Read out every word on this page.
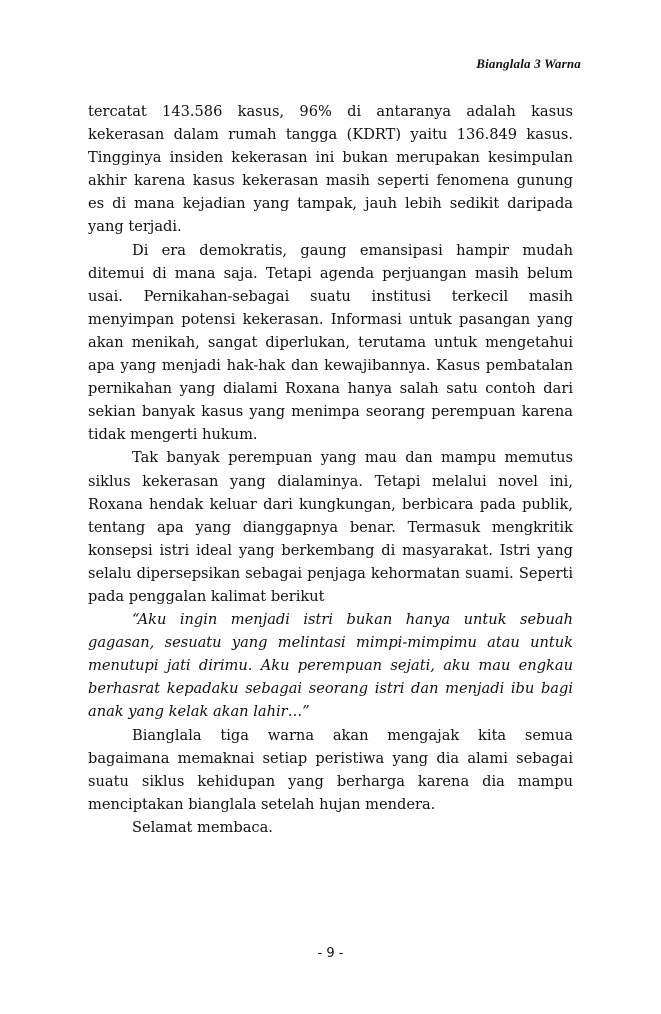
Bianglala 3 Warna

tercatat 143.586 kasus, 96% di antaranya adalah kasus kekerasan dalam rumah tangga (KDRT) yaitu 136.849 kasus. Tingginya insiden kekerasan ini bukan merupakan kesimpulan akhir karena kasus kekerasan masih seperti fenomena gunung es di mana kejadian yang tampak, jauh lebih sedikit daripada yang terjadi.

Di era demokratis, gaung emansipasi hampir mudah ditemui di mana saja. Tetapi agenda perjuangan masih belum usai. Pernikahan-sebagai suatu institusi terkecil masih menyimpan potensi kekerasan. Informasi untuk pasangan yang akan menikah, sangat diperlukan, terutama untuk mengetahui apa yang menjadi hak-hak dan kewajibannya. Kasus pembatalan pernikahan yang dialami Roxana hanya salah satu contoh dari sekian banyak kasus yang menimpa seorang perempuan karena tidak mengerti hukum.

Tak banyak perempuan yang mau dan mampu memutus siklus kekerasan yang dialaminya. Tetapi melalui novel ini, Roxana hendak keluar dari kungkungan, berbicara pada publik, tentang apa yang dianggapnya benar. Termasuk mengkritik konsepsi istri ideal yang berkembang di masyarakat. Istri yang selalu dipersepsikan sebagai penjaga kehormatan suami. Seperti pada penggalan kalimat berikut

“Aku ingin menjadi istri bukan hanya untuk sebuah gagasan, sesuatu yang melintasi mimpi-mimpimu atau untuk menutupi jati dirimu. Aku perempuan sejati, aku mau engkau berhasrat kepadaku sebagai seorang istri dan menjadi ibu bagi anak yang kelak akan lahir…”

Bianglala tiga warna akan mengajak kita semua bagaimana memaknai setiap peristiwa yang dia alami sebagai suatu siklus kehidupan yang berharga karena dia mampu menciptakan bianglala setelah hujan mendera.

Selamat membaca.

- 9 -
